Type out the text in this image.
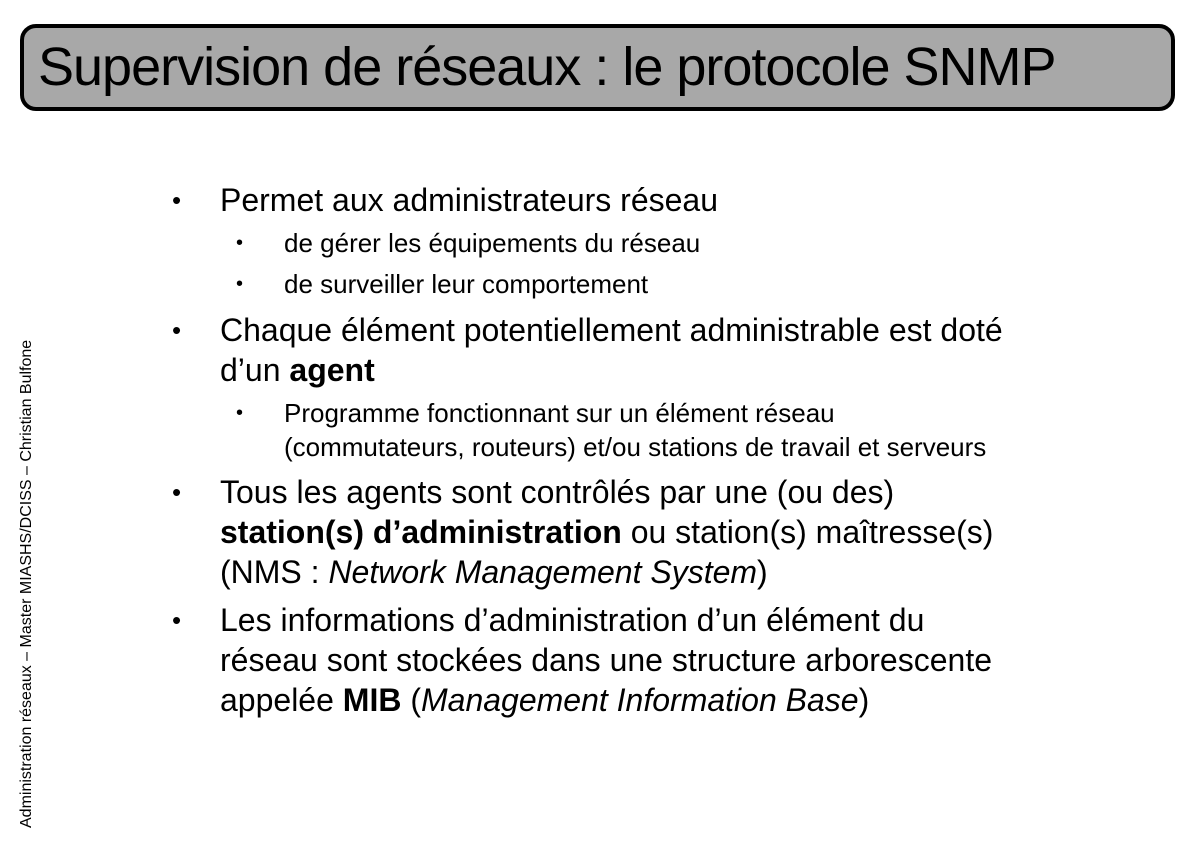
Supervision de réseaux : le protocole SNMP
Administration réseaux – Master MIASHS/DCISS – Christian Bulfone
• Permet aux administrateurs réseau
• de gérer les équipements du réseau
• de surveiller leur comportement
• Chaque élément potentiellement administrable est doté
d’un agent
• Programme fonctionnant sur un élément réseau
(commutateurs, routeurs) et/ou stations de travail et serveurs
• Tous les agents sont contrôlés par une (ou des)
station(s) d’administration ou station(s) maîtresse(s)
(NMS : Network Management System)
• Les informations d’administration d’un élément du
réseau sont stockées dans une structure arborescente
appelée MIB (Management Information Base)
